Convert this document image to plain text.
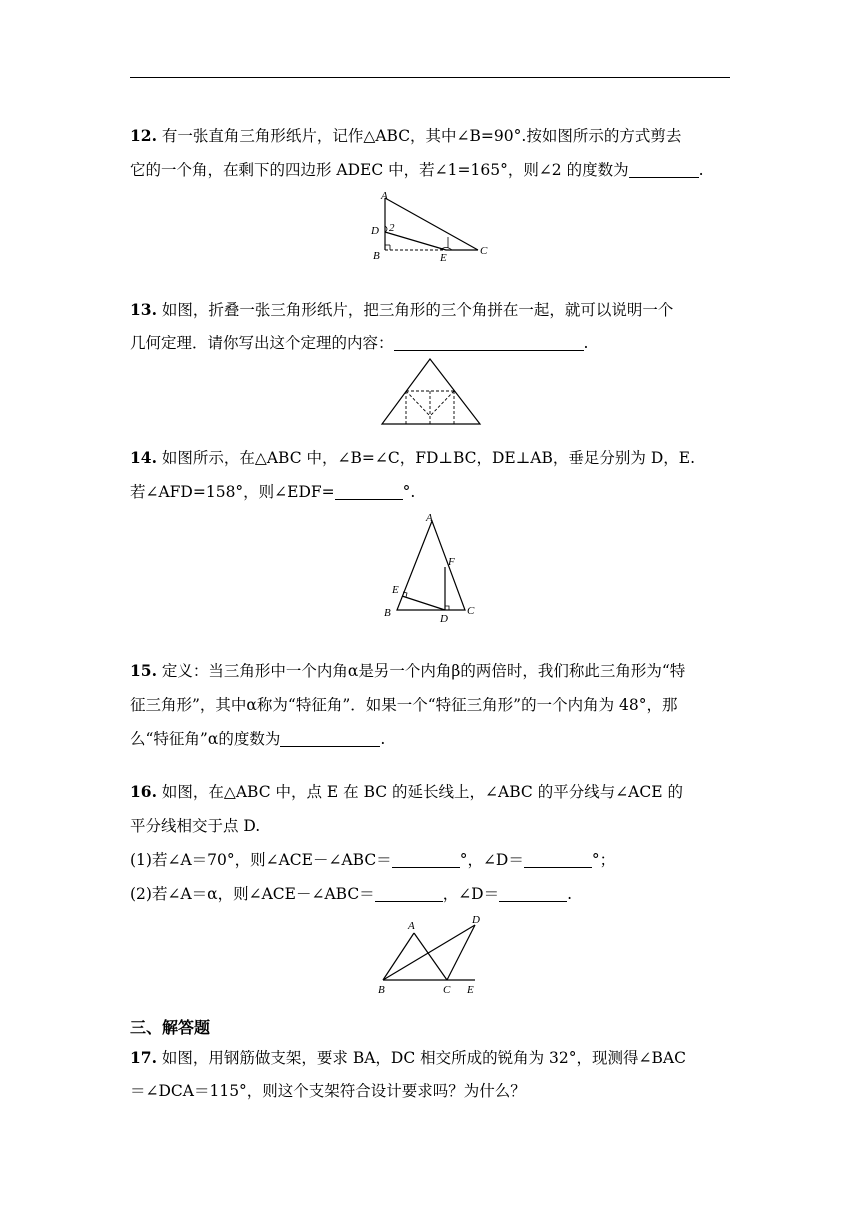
12. 有一张直角三角形纸片，记作△ABC，其中∠B=90°.按如图所示的方式剪去
它的一个角，在剩下的四边形 ADEC 中，若∠1=165°，则∠2 的度数为	.
A
D 2
B	E
C
13. 如图，折叠一张三角形纸片，把三角形的三个角拼在一起，就可以说明一个
几何定理．请你写出这个定理的内容：	.
14. 如图所示，在△ABC 中，∠B=∠C，FD⊥BC，DE⊥AB，垂足分别为 D，E.
若∠AFD=158°，则∠EDF=	°.
A
F
E
B	D
C
15. 定义：当三角形中一个内角α是另一个内角β的两倍时，我们称此三角形为“特
征三角形”，其中α称为“特征角”．如果一个“特征三角形”的一个内角为 48°，那
么“特征角”α的度数为	.
16. 如图，在△ABC 中，点 E 在 BC 的延长线上，∠ABC 的平分线与∠ACE 的
平分线相交于点 D.
(1)若∠A＝70°，则∠ACE－∠ABC＝	°，∠D＝	°；
(2)若∠A＝α，则∠ACE－∠ABC＝	，∠D＝	.
A	D
B	C E
三、解答题
17. 如图，用钢筋做支架，要求 BA，DC 相交所成的锐角为 32°，现测得∠BAC
＝∠DCA＝115°，则这个支架符合设计要求吗？为什么？
